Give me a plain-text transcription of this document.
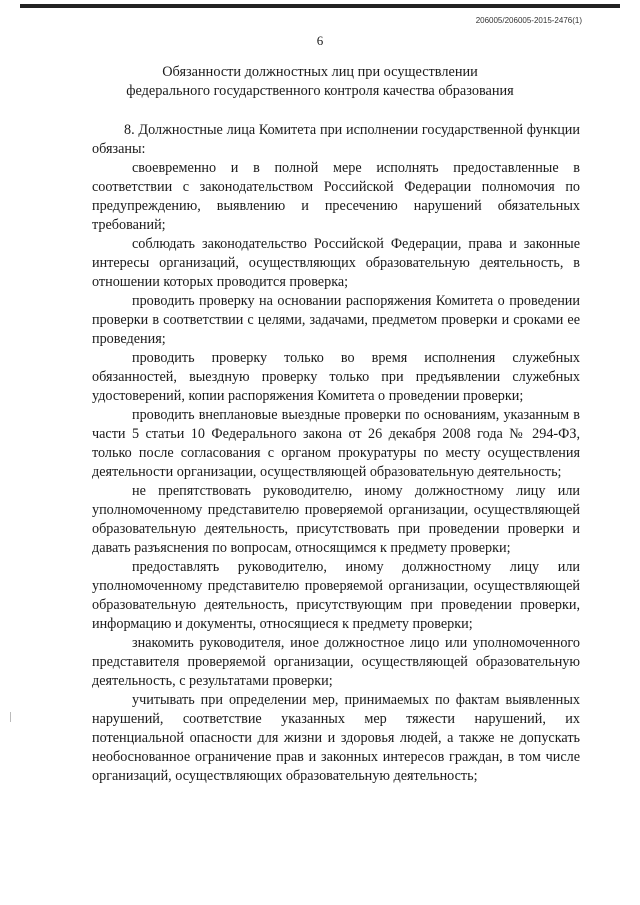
206005/206005-2015-2476(1)
6
Обязанности должностных лиц при осуществлении
федерального государственного контроля качества образования

8. Должностные лица Комитета при исполнении государственной функции обязаны:

своевременно и в полной мере исполнять предоставленные в соответствии с законодательством Российской Федерации полномочия по предупреждению, выявлению и пресечению нарушений обязательных требований;

соблюдать законодательство Российской Федерации, права и законные интересы организаций, осуществляющих образовательную деятельность, в отношении которых проводится проверка;

проводить проверку на основании распоряжения Комитета о проведении проверки в соответствии с целями, задачами, предметом проверки и сроками ее проведения;

проводить проверку только во время исполнения служебных обязанностей, выездную проверку только при предъявлении служебных удостоверений, копии распоряжения Комитета о проведении проверки;

проводить внеплановые выездные проверки по основаниям, указанным в части 5 статьи 10 Федерального закона от 26 декабря 2008 года № 294-ФЗ, только после согласования с органом прокуратуры по месту осуществления деятельности организации, осуществляющей образовательную деятельность;

не препятствовать руководителю, иному должностному лицу или уполномоченному представителю проверяемой организации, осуществляющей образовательную деятельность, присутствовать при проведении проверки и давать разъяснения по вопросам, относящимся к предмету проверки;

предоставлять руководителю, иному должностному лицу или уполномоченному представителю проверяемой организации, осуществляющей образовательную деятельность, присутствующим при проведении проверки, информацию и документы, относящиеся к предмету проверки;

знакомить руководителя, иное должностное лицо или уполномоченного представителя проверяемой организации, осуществляющей образовательную деятельность, с результатами проверки;

учитывать при определении мер, принимаемых по фактам выявленных нарушений, соответствие указанных мер тяжести нарушений, их потенциальной опасности для жизни и здоровья людей, а также не допускать необоснованное ограничение прав и законных интересов граждан, в том числе организаций, осуществляющих образовательную деятельность;
